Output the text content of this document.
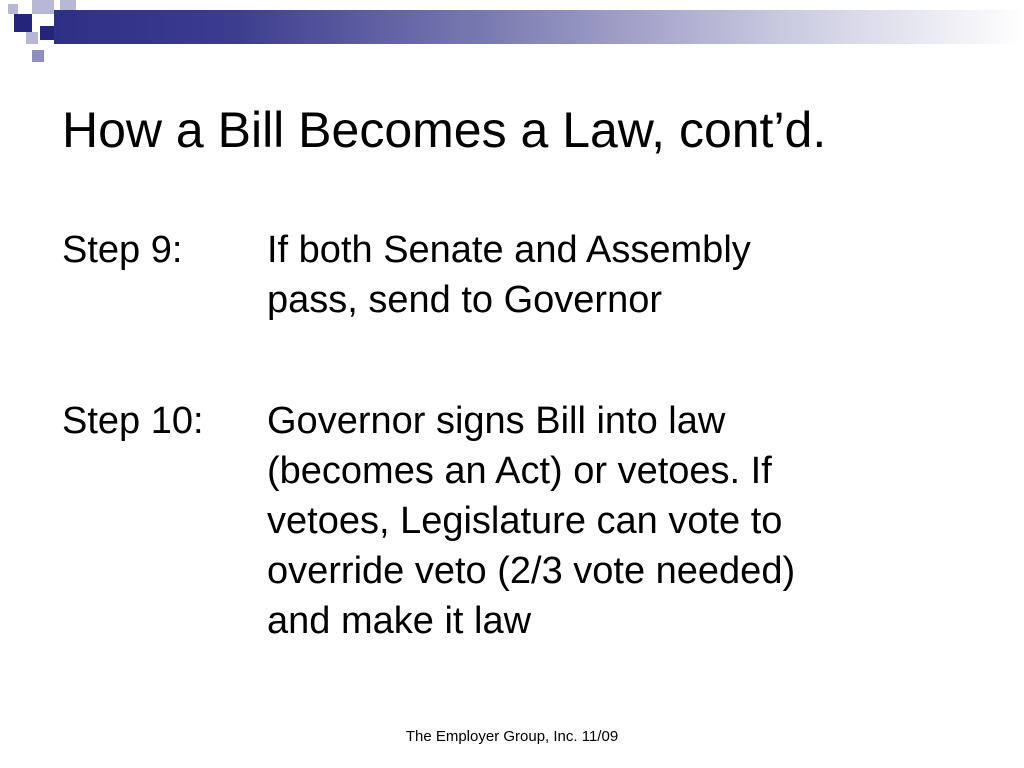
How a Bill Becomes a Law, cont’d.
Step 9: If both Senate and Assembly
pass, send to Governor
Step 10: Governor signs Bill into law
(becomes an Act) or vetoes. If
vetoes, Legislature can vote to
override veto (2/3 vote needed)
and make it law
The Employer Group, Inc. 11/09
